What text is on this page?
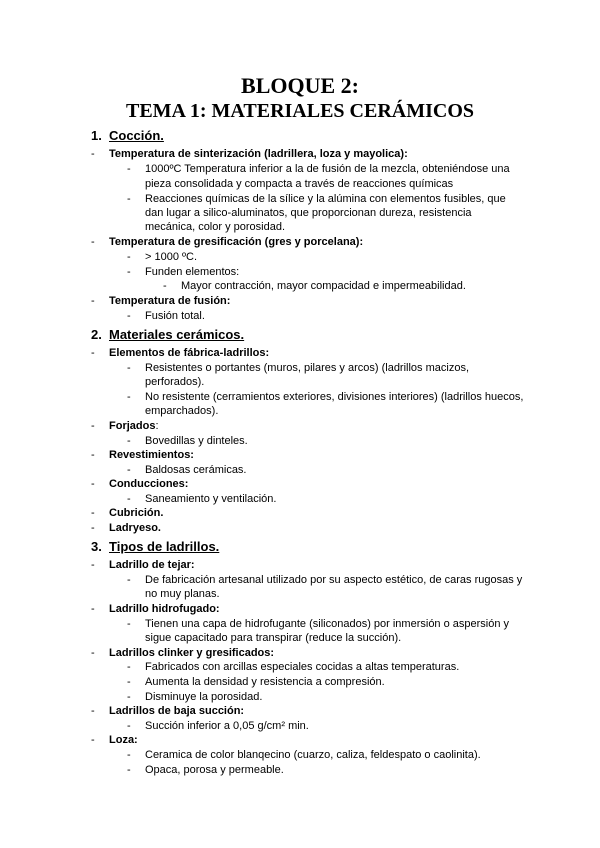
BLOQUE 2:
TEMA 1: MATERIALES CERÁMICOS
1. Cocción.
- Temperatura de sinterización (ladrillera, loza y mayolica):
- 1000ºC Temperatura inferior a la de fusión de la mezcla, obteniéndose una
pieza consolidada y compacta a través de reacciones químicas
- Reacciones químicas de la sílice y la alúmina con elementos fusibles, que
dan lugar a silico-aluminatos, que proporcionan dureza, resistencia
mecánica, color y porosidad.
- Temperatura de gresificación (gres y porcelana):
- > 1000 ºC.
- Funden elementos:
- Mayor contracción, mayor compacidad e impermeabilidad.
- Temperatura de fusión:
- Fusión total.
2. Materiales cerámicos.
- Elementos de fábrica-ladrillos:
- Resistentes o portantes (muros, pilares y arcos) (ladrillos macizos,
perforados).
- No resistente (cerramientos exteriores, divisiones interiores) (ladrillos huecos,
emparchados).
- Forjados:
- Bovedillas y dinteles.
- Revestimientos:
- Baldosas cerámicas.
- Conducciones:
- Saneamiento y ventilación.
- Cubrición.
- Ladryeso.
3. Tipos de ladrillos.
- Ladrillo de tejar:
- De fabricación artesanal utilizado por su aspecto estético, de caras rugosas y
no muy planas.
- Ladrillo hidrofugado:
- Tienen una capa de hidrofugante (siliconados) por inmersión o aspersión y
sigue capacitado para transpirar (reduce la succión).
- Ladrillos clinker y gresificados:
- Fabricados con arcillas especiales cocidas a altas temperaturas.
- Aumenta la densidad y resistencia a compresión.
- Disminuye la porosidad.
- Ladrillos de baja succión:
- Succión inferior a 0,05 g/cm² min.
- Loza:
- Ceramica de color blanqecino (cuarzo, caliza, feldespato o caolinita).
- Opaca, porosa y permeable.
